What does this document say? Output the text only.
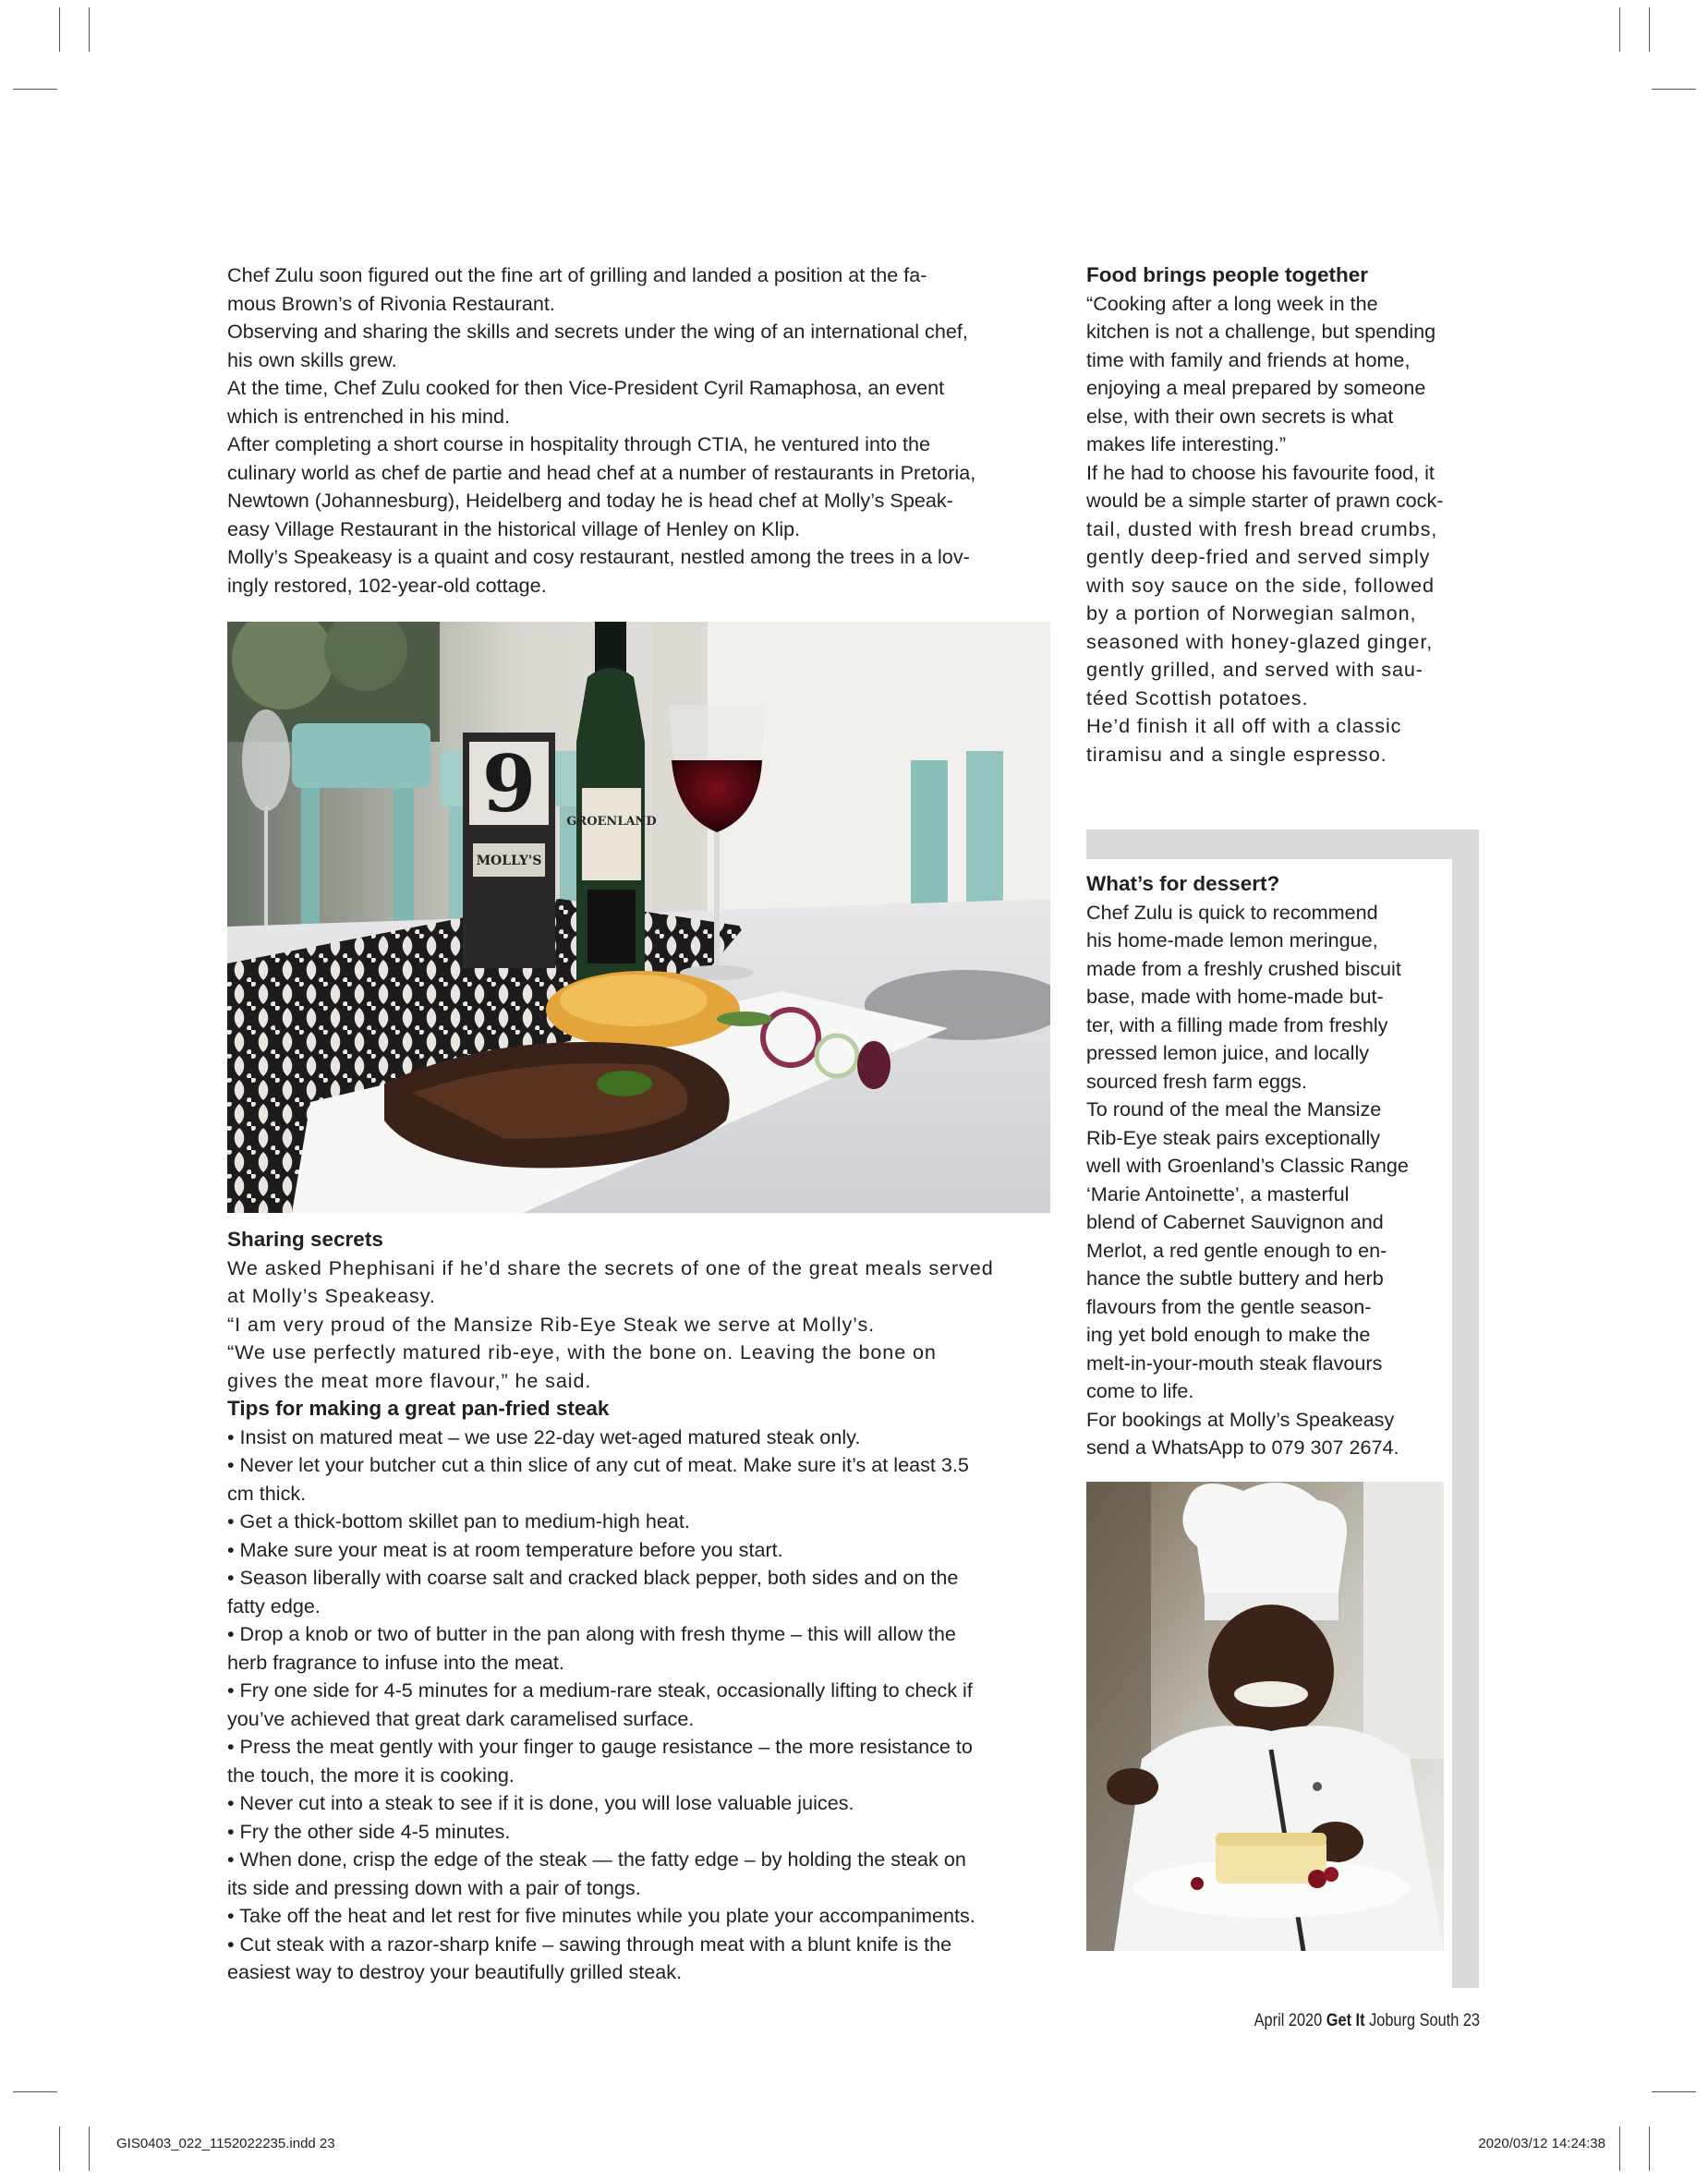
Chef Zulu soon figured out the fine art of grilling and landed a position at the fa-

mous Brown’s of Rivonia Restaurant.

Observing and sharing the skills and secrets under the wing of an international chef,

his own skills grew.

At the time, Chef Zulu cooked for then Vice-President Cyril Ramaphosa, an event

which is entrenched in his mind.

After completing a short course in hospitality through CTIA, he ventured into the

culinary world as chef de partie and head chef at a number of restaurants in Pretoria,

Newtown (Johannesburg), Heidelberg and today he is head chef at Molly’s Speak-

easy Village Restaurant in the historical village of Henley on Klip.

Molly’s Speakeasy is a quaint and cosy restaurant, nestled among the trees in a lov-

ingly restored, 102-year-old cottage.

9
MOLLY'S
GROENLAND
Sharing secrets

We asked Phephisani if he’d share the secrets of one of the great meals served

at Molly’s Speakeasy.

“I am very proud of the Mansize Rib-Eye Steak we serve at Molly’s.

“We use perfectly matured rib-eye, with the bone on. Leaving the bone on

gives the meat more flavour,” he said.

Tips for making a great pan-fried steak

• Insist on matured meat – we use 22-day wet-aged matured steak only.

• Never let your butcher cut a thin slice of any cut of meat. Make sure it’s at least 3.5

cm thick.

• Get a thick-bottom skillet pan to medium-high heat.

• Make sure your meat is at room temperature before you start.

• Season liberally with coarse salt and cracked black pepper, both sides and on the

fatty edge.

• Drop a knob or two of butter in the pan along with fresh thyme – this will allow the

herb fragrance to infuse into the meat.

• Fry one side for 4-5 minutes for a medium-rare steak, occasionally lifting to check if

you’ve achieved that great dark caramelised surface.

• Press the meat gently with your finger to gauge resistance – the more resistance to

the touch, the more it is cooking.

• Never cut into a steak to see if it is done, you will lose valuable juices.

• Fry the other side 4-5 minutes.

• When done, crisp the edge of the steak — the fatty edge – by holding the steak on

its side and pressing down with a pair of tongs.

• Take off the heat and let rest for five minutes while you plate your accompaniments.

• Cut steak with a razor-sharp knife – sawing through meat with a blunt knife is the

easiest way to destroy your beautifully grilled steak.

Food brings people together

“Cooking after a long week in the

kitchen is not a challenge, but spending

time with family and friends at home,

enjoying a meal prepared by someone

else, with their own secrets is what

makes life interesting.”

If he had to choose his favourite food, it

would be a simple starter of prawn cock-

tail, dusted with fresh bread crumbs,

gently deep-fried and served simply

with soy sauce on the side, followed

by a portion of Norwegian salmon,

seasoned with honey-glazed ginger,

gently grilled, and served with sau-

téed Scottish potatoes.

He’d finish it all off with a classic

tiramisu and a single espresso.

What’s for dessert?

Chef Zulu is quick to recommend

his home-made lemon meringue,

made from a freshly crushed biscuit

base, made with home-made but-

ter, with a filling made from freshly

pressed lemon juice, and locally

sourced fresh farm eggs.

To round of the meal the Mansize

Rib-Eye steak pairs exceptionally

well with Groenland’s Classic Range

‘Marie Antoinette’, a masterful

blend of Cabernet Sauvignon and

Merlot, a red gentle enough to en-

hance the subtle buttery and herb

flavours from the gentle season-

ing yet bold enough to make the

melt-in-your-mouth steak flavours

come to life.

For bookings at Molly’s Speakeasy

send a WhatsApp to 079 307 2674.

April 2020 Get It Joburg South 23
GIS0403_022_1152022235.indd 23	2020/03/12 14:24:38
